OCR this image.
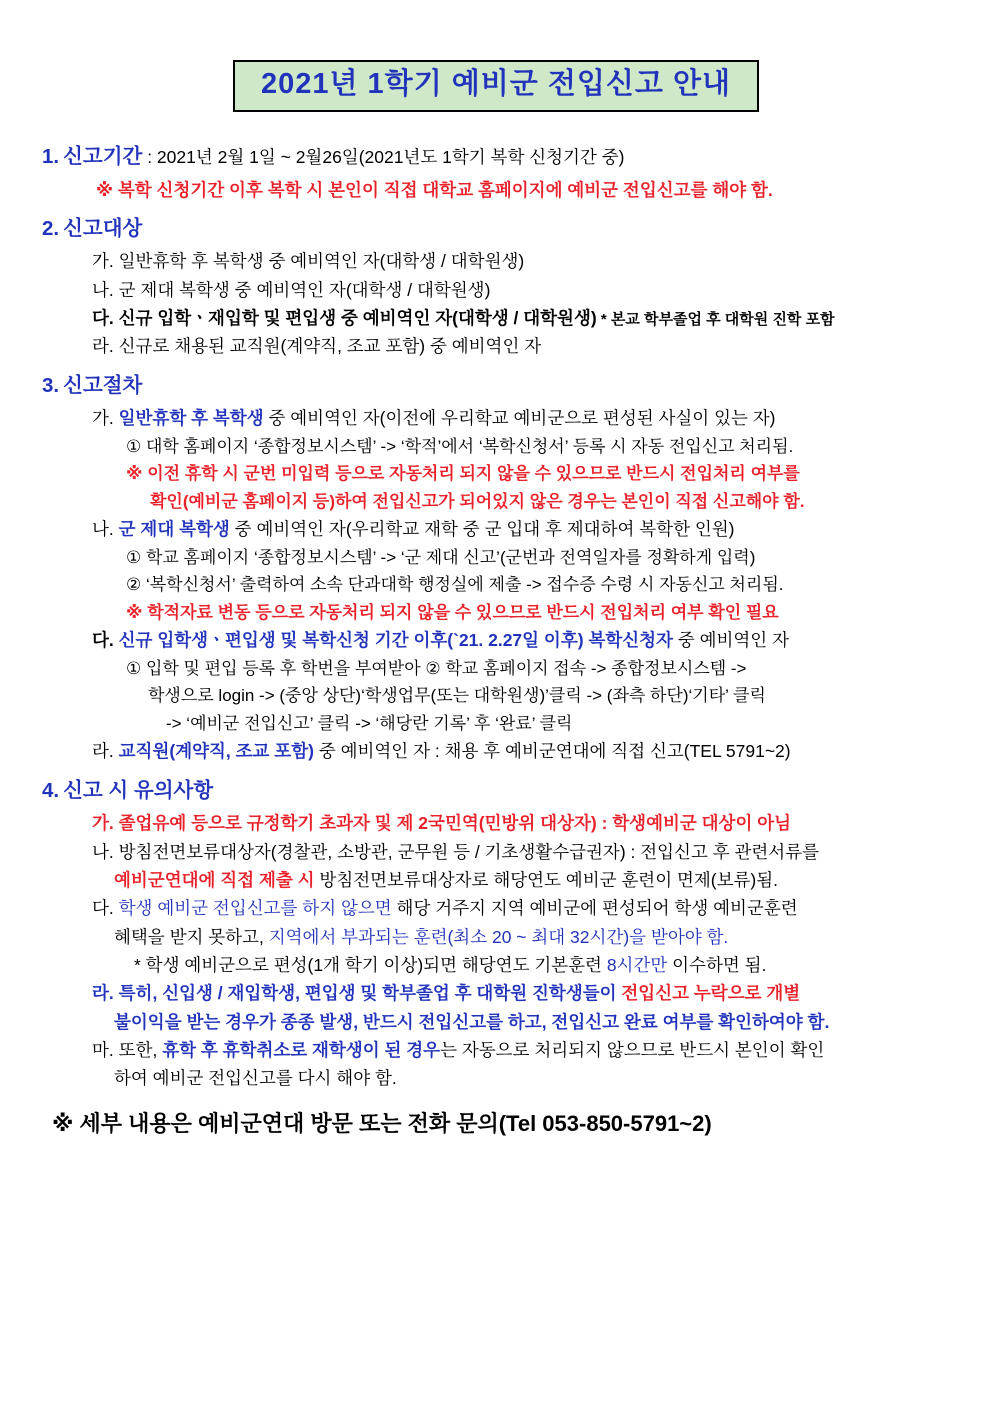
2021년 1학기 예비군 전입신고 안내
1. 신고기간 : 2021년 2월 1일 ~ 2월26일(2021년도 1학기 복학 신청기간 중)
※ 복학 신청기간 이후 복학 시 본인이 직접 대학교 홈페이지에 예비군 전입신고를 해야 함.
2. 신고대상
가. 일반휴학 후 복학생 중 예비역인 자(대학생 / 대학원생)
나. 군 제대 복학생 중 예비역인 자(대학생 / 대학원생)
다. 신규 입학ㆍ재입학 및 편입생 중 예비역인 자(대학생 / 대학원생) * 본교 학부졸업 후 대학원 진학 포함
라. 신규로 채용된 교직원(계약직, 조교 포함) 중 예비역인 자
3. 신고절차
가. 일반휴학 후 복학생 중 예비역인 자(이전에 우리학교 예비군으로 편성된 사실이 있는 자)
① 대학 홈페이지 ‘종합정보시스템’ -> ‘학적’에서 ‘복학신청서’ 등록 시 자동 전입신고 처리됨.
※ 이전 휴학 시 군번 미입력 등으로 자동처리 되지 않을 수 있으므로 반드시 전입처리 여부를
확인(예비군 홈페이지 등)하여 전입신고가 되어있지 않은 경우는 본인이 직접 신고해야 함.
나. 군 제대 복학생 중 예비역인 자(우리학교 재학 중 군 입대 후 제대하여 복학한 인원)
① 학교 홈페이지 ‘종합정보시스템’ -> ‘군 제대 신고’(군번과 전역일자를 정확하게 입력)
② ‘복학신청서’ 출력하여 소속 단과대학 행정실에 제출 -> 접수증 수령 시 자동신고 처리됨.
※ 학적자료 변동 등으로 자동처리 되지 않을 수 있으므로 반드시 전입처리 여부 확인 필요
다. 신규 입학생ㆍ편입생 및 복학신청 기간 이후(`21. 2.27일 이후) 복학신청자 중 예비역인 자
① 입학 및 편입 등록 후 학번을 부여받아 ② 학교 홈페이지 접속 -> 종합정보시스템 ->
학생으로 login -> (중앙 상단)‘학생업무(또는 대학원생)’클릭 -> (좌측 하단)‘기타’ 클릭
-> ‘예비군 전입신고’ 클릭 -> ‘해당란 기록’ 후 ‘완료’ 클릭
라. 교직원(계약직, 조교 포함) 중 예비역인 자 : 채용 후 예비군연대에 직접 신고(TEL 5791~2)
4. 신고 시 유의사항
가. 졸업유예 등으로 규정학기 초과자 및 제 2국민역(민방위 대상자) : 학생예비군 대상이 아님
나. 방침전면보류대상자(경찰관, 소방관, 군무원 등 / 기초생활수급권자) : 전입신고 후 관련서류를
예비군연대에 직접 제출 시 방침전면보류대상자로 해당연도 예비군 훈련이 면제(보류)됨.
다. 학생 예비군 전입신고를 하지 않으면 해당 거주지 지역 예비군에 편성되어 학생 예비군훈련
혜택을 받지 못하고, 지역에서 부과되는 훈련(최소 20 ~ 최대 32시간)을 받아야 함.
* 학생 예비군으로 편성(1개 학기 이상)되면 해당연도 기본훈련 8시간만 이수하면 됨.
라. 특히, 신입생 / 재입학생, 편입생 및 학부졸업 후 대학원 진학생들이 전입신고 누락으로 개별
불이익을 받는 경우가 종종 발생, 반드시 전입신고를 하고, 전입신고 완료 여부를 확인하여야 함.
마. 또한, 휴학 후 휴학취소로 재학생이 된 경우는 자동으로 처리되지 않으므로 반드시 본인이 확인
하여 예비군 전입신고를 다시 해야 함.
※ 세부 내용은 예비군연대 방문 또는 전화 문의(Tel 053-850-5791~2)
